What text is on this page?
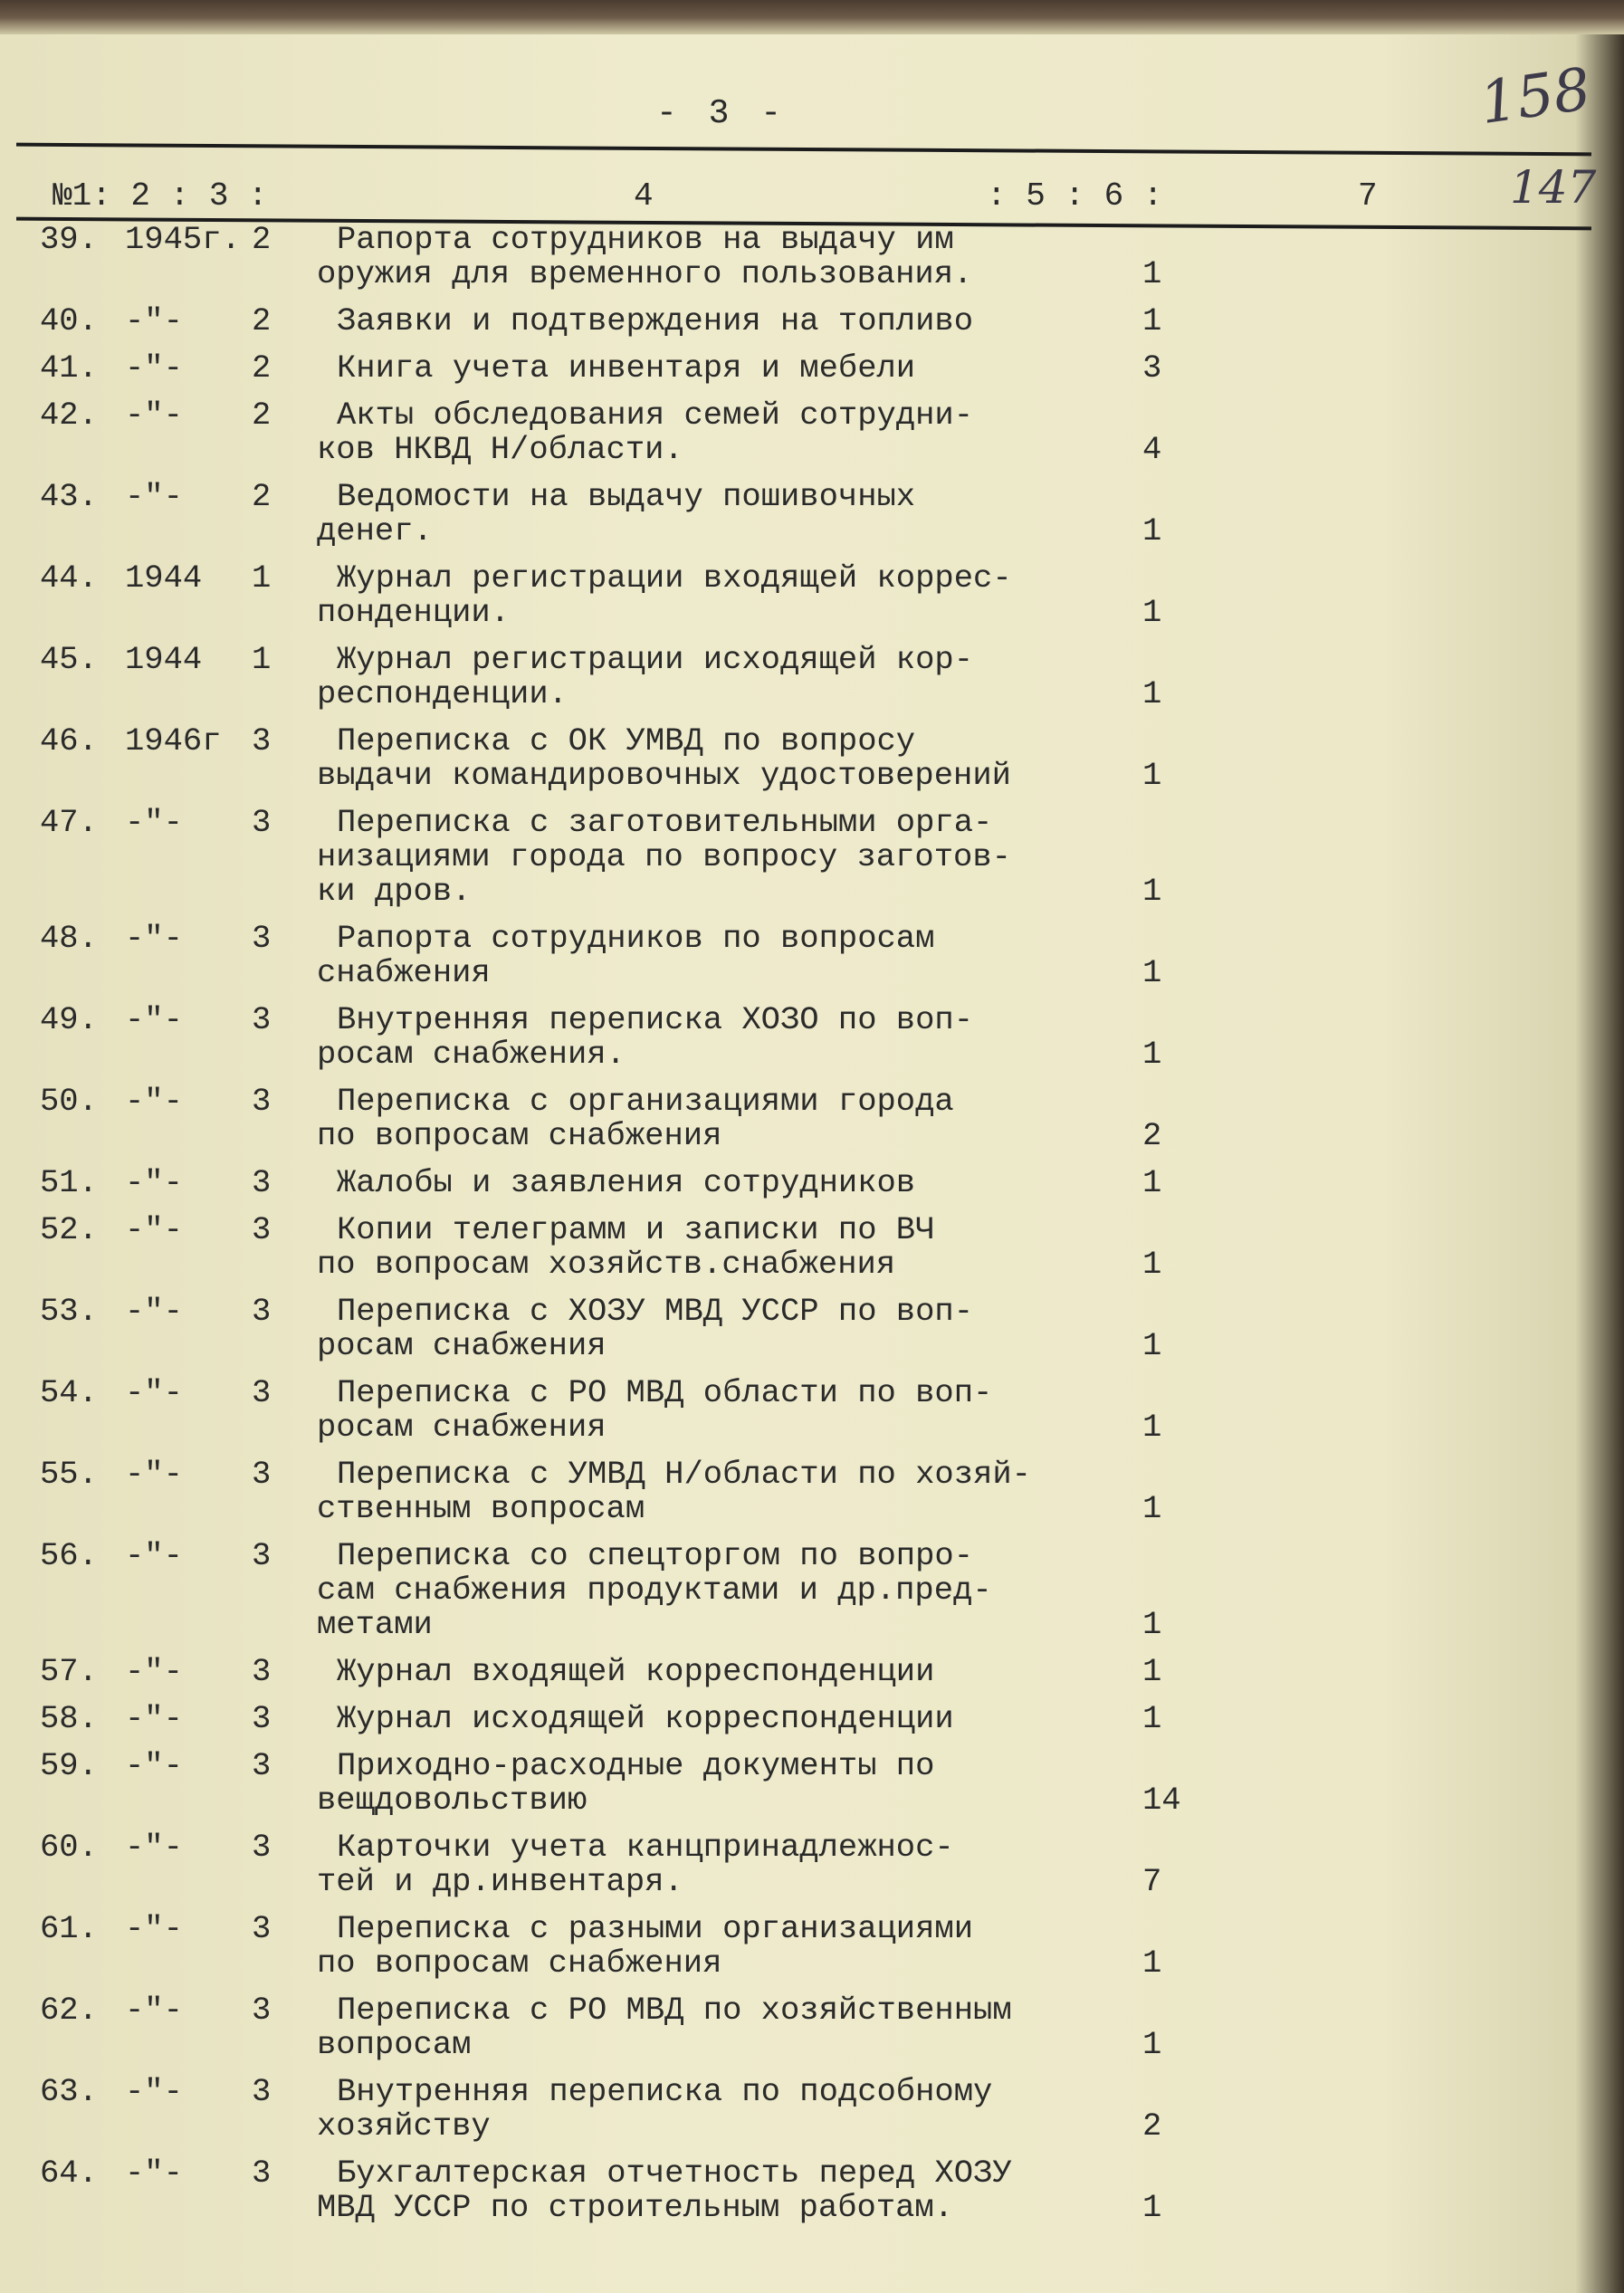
- 3 -	158
147
№1: 2 : 3 :	4	: 5 : 6 :	7
39. 1945г. 2	Рапорта сотрудников на выдачу им
оружия для временного пользования.	1
40. -"- 2	Заявки и подтверждения на топливо	1
41. -"- 2	Книга учета инвентаря и мебели	3
42. -"- 2	Акты обследования семей сотрудни-
ков НКВД Н/области.	4
43. -"- 2	Ведомости на выдачу пошивочных
денег.	1
44. 1944 1	Журнал регистрации входящей коррес-
понденции.	1
45. 1944 1	Журнал регистрации исходящей кор-
респонденции.	1
46. 1946г 3	Переписка с ОК УМВД по вопросу
выдачи командировочных удостоверений	1
47. -"- 3	Переписка с заготовительными орга-
низациями города по вопросу заготов-
ки дров.	1
48. -"- 3	Рапорта сотрудников по вопросам
снабжения	1
49. -"- 3	Внутренняя переписка ХОЗО по воп-
росам снабжения.	1
50. -"- 3	Переписка с организациями города
по вопросам снабжения	2
51. -"- 3	Жалобы и заявления сотрудников	1
52. -"- 3	Копии телеграмм и записки по ВЧ
по вопросам хозяйств.снабжения	1
53. -"- 3	Переписка с ХОЗУ МВД УССР по воп-
росам снабжения	1
54. -"- 3	Переписка с РО МВД области по воп-
росам снабжения	1
55. -"- 3	Переписка с УМВД Н/области по хозяй-
ственным вопросам	1
56. -"- 3	Переписка со спецторгом по вопро-
сам снабжения продуктами и др.пред-
метами	1
57. -"- 3	Журнал входящей корреспонденции	1
58. -"- 3	Журнал исходящей корреспонденции	1
59. -"- 3	Приходно-расходные документы по
вещдовольствию	14
60. -"- 3	Карточки учета канцпринадлежнос-
тей и др.инвентаря.	7
61. -"- 3	Переписка с разными организациями
по вопросам снабжения	1
62. -"- 3	Переписка с РО МВД по хозяйственным
вопросам	1
63. -"- 3	Внутренняя переписка по подсобному
хозяйству	2
64. -"- 3	Бухгалтерская отчетность перед ХОЗУ
МВД УССР по строительным работам.	1
